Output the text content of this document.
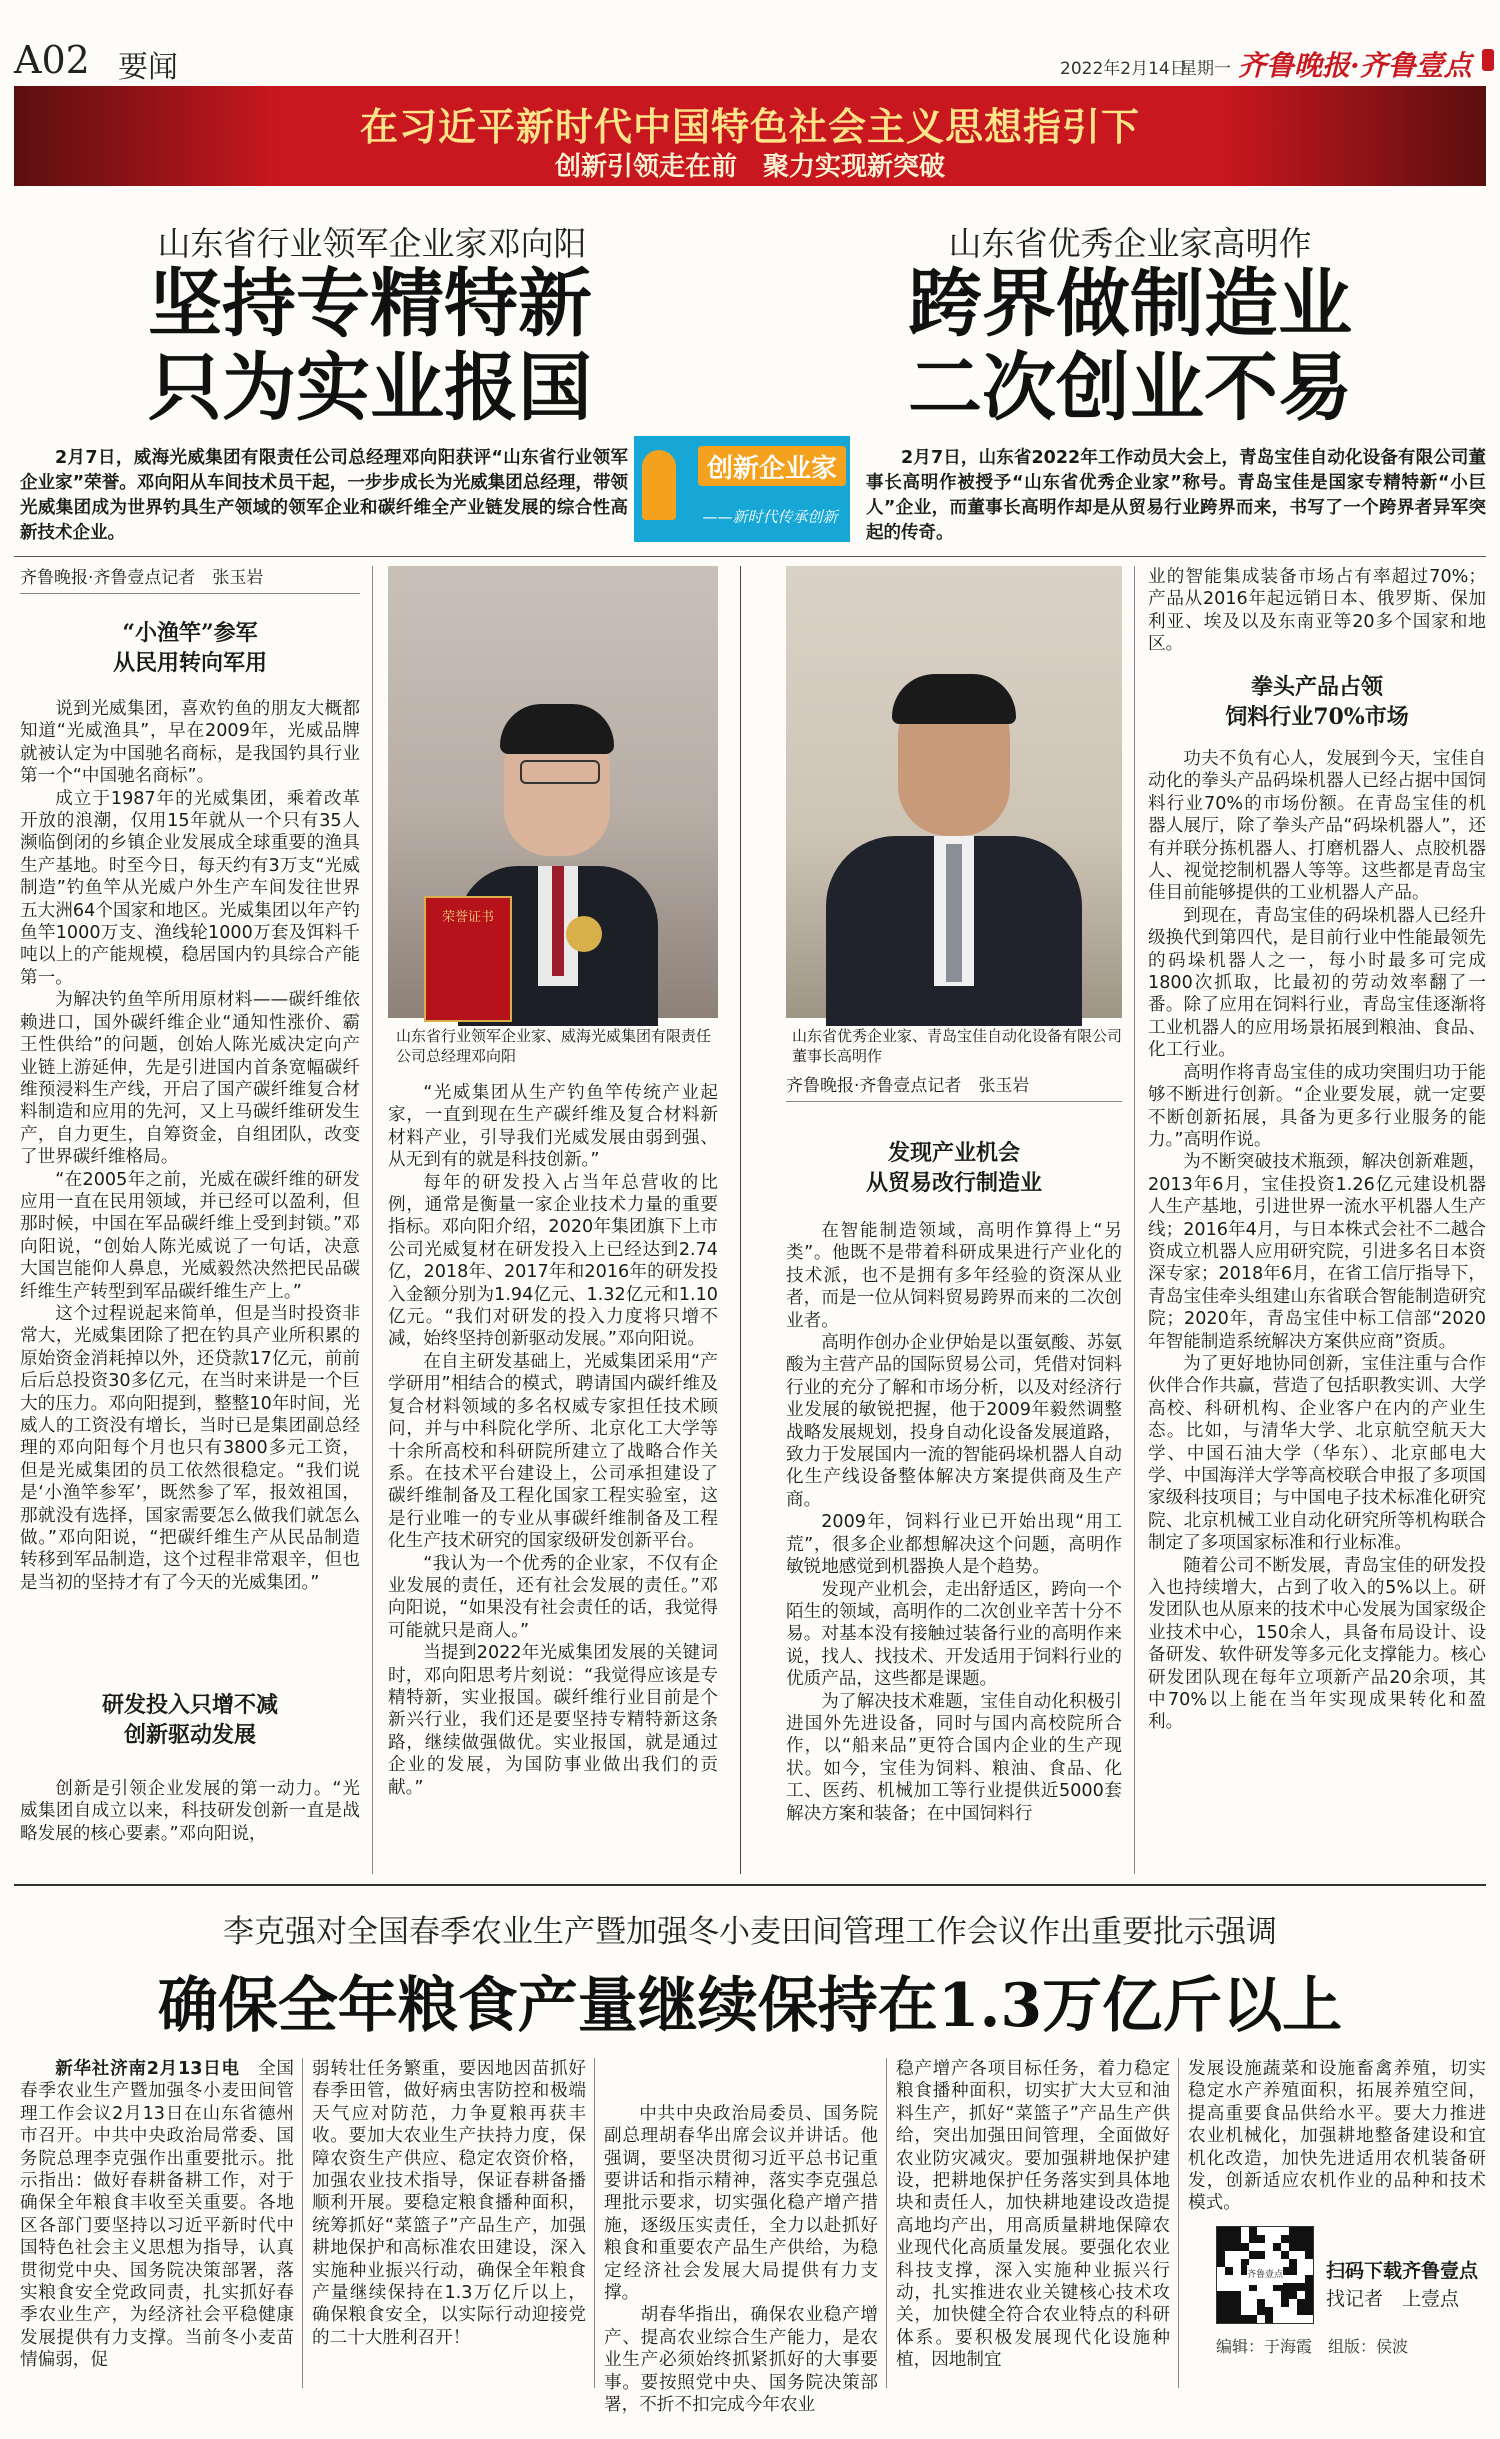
A02 要闻	2022年2月14日
星期一 齐鲁晚报·齐鲁壹点
在习近平新时代中国特色社会主义思想指引下
创新引领走在前　聚力实现新突破
山东省行业领军企业家邓向阳
坚持专精特新
只为实业报国

2月7日，威海光威集团有限责任公司总经理邓向阳获评“山东省行业领军企业家”荣誉。邓向阳从车间技术员干起，一步步成长为光威集团总经理，带领光威集团成为世界钓具生产领域的领军企业和碳纤维全产业链发展的综合性高新技术企业。

创新企业家
——新时代传承创新
山东省优秀企业家高明作
跨界做制造业
二次创业不易

2月7日，山东省2022年工作动员大会上，青岛宝佳自动化设备有限公司董事长高明作被授予“山东省优秀企业家”称号。青岛宝佳是国家专精特新“小巨人”企业，而董事长高明作却是从贸易行业跨界而来，书写了一个跨界者异军突起的传奇。

齐鲁晚报·齐鲁壹点记者　张玉岩
“小渔竿”参军
从民用转向军用

说到光威集团，喜欢钓鱼的朋友大概都知道“光威渔具”，早在2009年，光威品牌就被认定为中国驰名商标，是我国钓具行业第一个“中国驰名商标”。

成立于1987年的光威集团，乘着改革开放的浪潮，仅用15年就从一个只有35人濒临倒闭的乡镇企业发展成全球重要的渔具生产基地。时至今日，每天约有3万支“光威制造”钓鱼竿从光威户外生产车间发往世界五大洲64个国家和地区。光威集团以年产钓鱼竿1000万支、渔线轮1000万套及饵料千吨以上的产能规模，稳居国内钓具综合产能第一。

为解决钓鱼竿所用原材料——碳纤维依赖进口，国外碳纤维企业“通知性涨价、霸王性供给”的问题，创始人陈光威决定向产业链上游延伸，先是引进国内首条宽幅碳纤维预浸料生产线，开启了国产碳纤维复合材料制造和应用的先河，又上马碳纤维研发生产，自力更生，自筹资金，自组团队，改变了世界碳纤维格局。

“在2005年之前，光威在碳纤维的研发应用一直在民用领域，并已经可以盈利，但那时候，中国在军品碳纤维上受到封锁。”邓向阳说，“创始人陈光威说了一句话，决意大国岂能仰人鼻息，光威毅然决然把民品碳纤维生产转型到军品碳纤维生产上。”

这个过程说起来简单，但是当时投资非常大，光威集团除了把在钓具产业所积累的原始资金消耗掉以外，还贷款17亿元，前前后后总投资30多亿元，在当时来讲是一个巨大的压力。邓向阳提到，整整10年时间，光威人的工资没有增长，当时已是集团副总经理的邓向阳每个月也只有3800多元工资，但是光威集团的员工依然很稳定。“我们说是‘小渔竿参军’，既然参了军，报效祖国，那就没有选择，国家需要怎么做我们就怎么做。”邓向阳说，“把碳纤维生产从民品制造转移到军品制造，这个过程非常艰辛，但也是当初的坚持才有了今天的光威集团。”

研发投入只增不减
创新驱动发展

创新是引领企业发展的第一动力。“光威集团自成立以来，科技研发创新一直是战略发展的核心要素。”邓向阳说，

荣誉证书
山东省行业领军企业家、威海光威集团有限责任公司总经理邓向阳

“光威集团从生产钓鱼竿传统产业起家，一直到现在生产碳纤维及复合材料新材料产业，引导我们光威发展由弱到强、从无到有的就是科技创新。”

每年的研发投入占当年总营收的比例，通常是衡量一家企业技术力量的重要指标。邓向阳介绍，2020年集团旗下上市公司光威复材在研发投入上已经达到2.74亿，2018年、2017年和2016年的研发投入金额分别为1.94亿元、1.32亿元和1.10亿元。“我们对研发的投入力度将只增不减，始终坚持创新驱动发展。”邓向阳说。

在自主研发基础上，光威集团采用“产学研用”相结合的模式，聘请国内碳纤维及复合材料领域的多名权威专家担任技术顾问，并与中科院化学所、北京化工大学等十余所高校和科研院所建立了战略合作关系。在技术平台建设上，公司承担建设了碳纤维制备及工程化国家工程实验室，这是行业唯一的专业从事碳纤维制备及工程化生产技术研究的国家级研发创新平台。

“我认为一个优秀的企业家，不仅有企业发展的责任，还有社会发展的责任。”邓向阳说，“如果没有社会责任的话，我觉得可能就只是商人。”

当提到2022年光威集团发展的关键词时，邓向阳思考片刻说：“我觉得应该是专精特新，实业报国。碳纤维行业目前是个新兴行业，我们还是要坚持专精特新这条路，继续做强做优。实业报国，就是通过企业的发展，为国防事业做出我们的贡献。”

山东省优秀企业家、青岛宝佳自动化设备有限公司董事长高明作
齐鲁晚报·齐鲁壹点记者　张玉岩
发现产业机会
从贸易改行制造业

在智能制造领域，高明作算得上“另类”。他既不是带着科研成果进行产业化的技术派，也不是拥有多年经验的资深从业者，而是一位从饲料贸易跨界而来的二次创业者。

高明作创办企业伊始是以蛋氨酸、苏氨酸为主营产品的国际贸易公司，凭借对饲料行业的充分了解和市场分析，以及对经济行业发展的敏锐把握，他于2009年毅然调整战略发展规划，投身自动化设备发展道路，致力于发展国内一流的智能码垛机器人自动化生产线设备整体解决方案提供商及生产商。

2009年，饲料行业已开始出现“用工荒”，很多企业都想解决这个问题，高明作敏锐地感觉到机器换人是个趋势。

发现产业机会，走出舒适区，跨向一个陌生的领域，高明作的二次创业辛苦十分不易。对基本没有接触过装备行业的高明作来说，找人、找技术、开发适用于饲料行业的优质产品，这些都是课题。

为了解决技术难题，宝佳自动化积极引进国外先进设备，同时与国内高校院所合作，以“船来品”更符合国内企业的生产现状。如今，宝佳为饲料、粮油、食品、化工、医药、机械加工等行业提供近5000套解决方案和装备；在中国饲料行

业的智能集成装备市场占有率超过70%；产品从2016年起远销日本、俄罗斯、保加利亚、埃及以及东南亚等20多个国家和地区。

拳头产品占领
饲料行业70%市场

功夫不负有心人，发展到今天，宝佳自动化的拳头产品码垛机器人已经占据中国饲料行业70%的市场份额。在青岛宝佳的机器人展厅，除了拳头产品“码垛机器人”，还有并联分拣机器人、打磨机器人、点胶机器人、视觉挖制机器人等等。这些都是青岛宝佳目前能够提供的工业机器人产品。

到现在，青岛宝佳的码垛机器人已经升级换代到第四代，是目前行业中性能最领先的码垛机器人之一，每小时最多可完成1800次抓取，比最初的劳动效率翻了一番。除了应用在饲料行业，青岛宝佳逐渐将工业机器人的应用场景拓展到粮油、食品、化工行业。

高明作将青岛宝佳的成功突围归功于能够不断进行创新。“企业要发展，就一定要不断创新拓展，具备为更多行业服务的能力。”高明作说。

为不断突破技术瓶颈，解决创新难题，2013年6月，宝佳投资1.26亿元建设机器人生产基地，引进世界一流水平机器人生产线；2016年4月，与日本株式会社不二越合资成立机器人应用研究院，引进多名日本资深专家；2018年6月，在省工信厅指导下，青岛宝佳牵头组建山东省联合智能制造研究院；2020年，青岛宝佳中标工信部“2020年智能制造系统解决方案供应商”资质。

为了更好地协同创新，宝佳注重与合作伙伴合作共赢，营造了包括职教实训、大学高校、科研机构、企业客户在内的产业生态。比如，与清华大学、北京航空航天大学、中国石油大学（华东）、北京邮电大学、中国海洋大学等高校联合申报了多项国家级科技项目；与中国电子技术标准化研究院、北京机械工业自动化研究所等机构联合制定了多项国家标准和行业标准。

随着公司不断发展，青岛宝佳的研发投入也持续增大，占到了收入的5%以上。研发团队也从原来的技术中心发展为国家级企业技术中心，150余人，具备布局设计、设备研发、软件研发等多元化支撑能力。核心研发团队现在每年立项新产品20余项，其中70%以上能在当年实现成果转化和盈利。

李克强对全国春季农业生产暨加强冬小麦田间管理工作会议作出重要批示强调
确保全年粮食产量继续保持在1.3万亿斤以上

新华社济南2月13日电　 全国春季农业生产暨加强冬小麦田间管理工作会议2月13日在山东省德州市召开。中共中央政治局常委、国务院总理李克强作出重要批示。批示指出：做好春耕备耕工作，对于确保全年粮食丰收至关重要。各地区各部门要坚持以习近平新时代中国特色社会主义思想为指导，认真贯彻党中央、国务院决策部署，落实粮食安全党政同责，扎实抓好春季农业生产，为经济社会平稳健康发展提供有力支撑。当前冬小麦苗情偏弱，促

弱转壮任务繁重，要因地因苗抓好春季田管，做好病虫害防控和极端天气应对防范，力争夏粮再获丰收。要加大农业生产扶持力度，保障农资生产供应、稳定农资价格，加强农业技术指导，保证春耕备播顺利开展。要稳定粮食播种面积，统筹抓好“菜篮子”产品生产，加强耕地保护和高标准农田建设，深入实施种业振兴行动，确保全年粮食产量继续保持在1.3万亿斤以上，确保粮食安全，以实际行动迎接党的二十大胜利召开！

中共中央政治局委员、国务院副总理胡春华出席会议并讲话。他强调，要坚决贯彻习近平总书记重要讲话和指示精神，落实李克强总理批示要求，切实强化稳产增产措施，逐级压实责任，全力以赴抓好粮食和重要农产品生产供给，为稳定经济社会发展大局提供有力支撑。
　　胡春华指出，确保农业稳产增产、提高农业综合生产能力，是农业生产必须始终抓紧抓好的大事要事。要按照党中央、国务院决策部署，不折不扣完成今年农业

稳产增产各项目标任务，着力稳定粮食播种面积，切实扩大大豆和油料生产，抓好“菜篮子”产品生产供给，突出加强田间管理，全面做好农业防灾减灾。要加强耕地保护建设，把耕地保护任务落实到具体地块和责任人，加快耕地建设改造提高地均产出，用高质量耕地保障农业现代化高质量发展。要强化农业科技支撑，深入实施种业振兴行动，扎实推进农业关键核心技术攻关，加快健全符合农业特点的科研体系。要积极发展现代化设施种植，因地制宜

发展设施蔬菜和设施畜禽养殖，切实稳定水产养殖面积，拓展养殖空间，提高重要食品供给水平。要大力推进农业机械化，加强耕地整备建设和宜机化改造，加快先进适用农机装备研发，创新适应农机作业的品种和技术模式。

齐鲁壹点 扫码下载齐鲁壹点
找记者　上壹点
编辑：于海霞　组版：侯波
